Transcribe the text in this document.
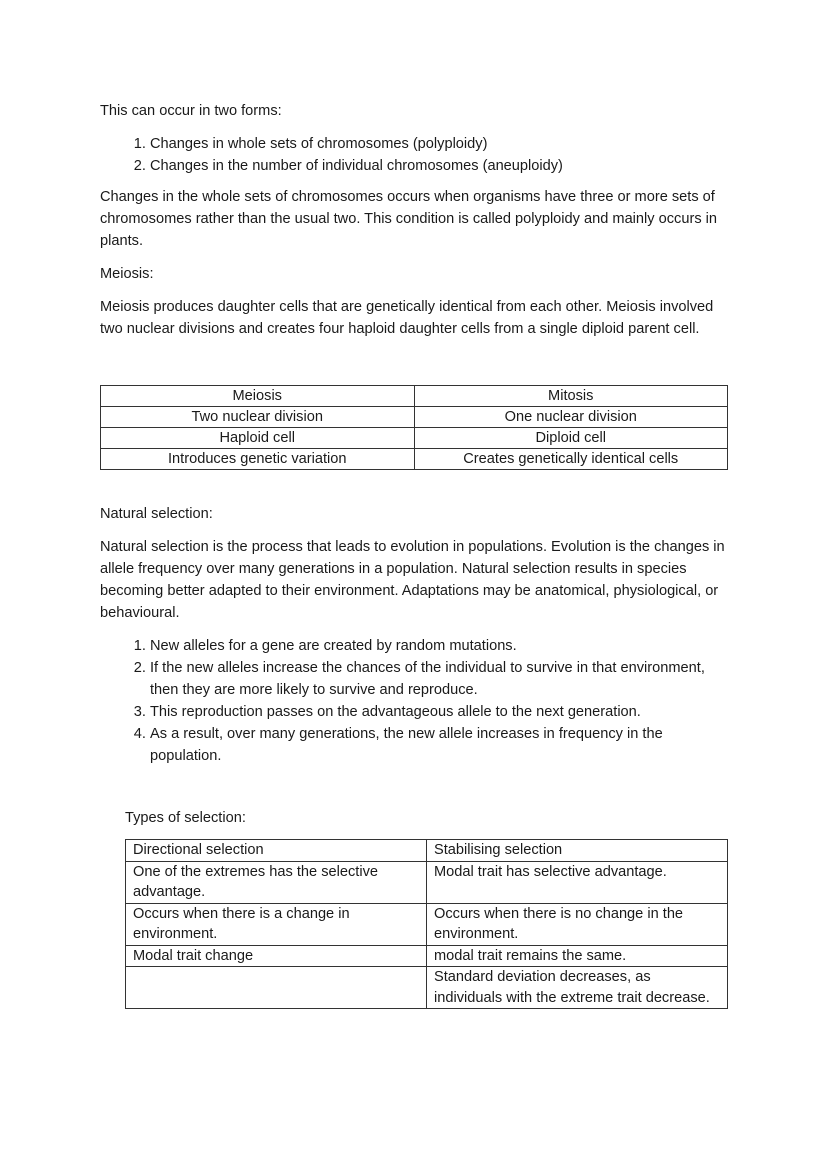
This can occur in two forms:

1. Changes in whole sets of chromosomes (polyploidy)
2. Changes in the number of individual chromosomes (aneuploidy)

Changes in the whole sets of chromosomes occurs when organisms have three or more sets of chromosomes rather than the usual two. This condition is called polyploidy and mainly occurs in plants.

Meiosis:

Meiosis produces daughter cells that are genetically identical from each other. Meiosis involved two nuclear divisions and creates four haploid daughter cells from a single diploid parent cell.

Meiosis	Mitosis
Two nuclear division	One nuclear division
Haploid cell	Diploid cell
Introduces genetic variation	Creates genetically identical cells

Natural selection:

Natural selection is the process that leads to evolution in populations. Evolution is the changes in allele frequency over many generations in a population. Natural selection results in species becoming better adapted to their environment. Adaptations may be anatomical, physiological, or behavioural.

1. New alleles for a gene are created by random mutations.
2. If the new alleles increase the chances of the individual to survive in that environment, then they are more likely to survive and reproduce.
3. This reproduction passes on the advantageous allele to the next generation.
4. As a result, over many generations, the new allele increases in frequency in the population.

Types of selection:

Directional selection	Stabilising selection
One of the extremes has the selective advantage.	Modal trait has selective advantage.
Occurs when there is a change in environment.	Occurs when there is no change in the environment.
Modal trait change	modal trait remains the same.
	Standard deviation decreases, as individuals with the extreme trait decrease.
